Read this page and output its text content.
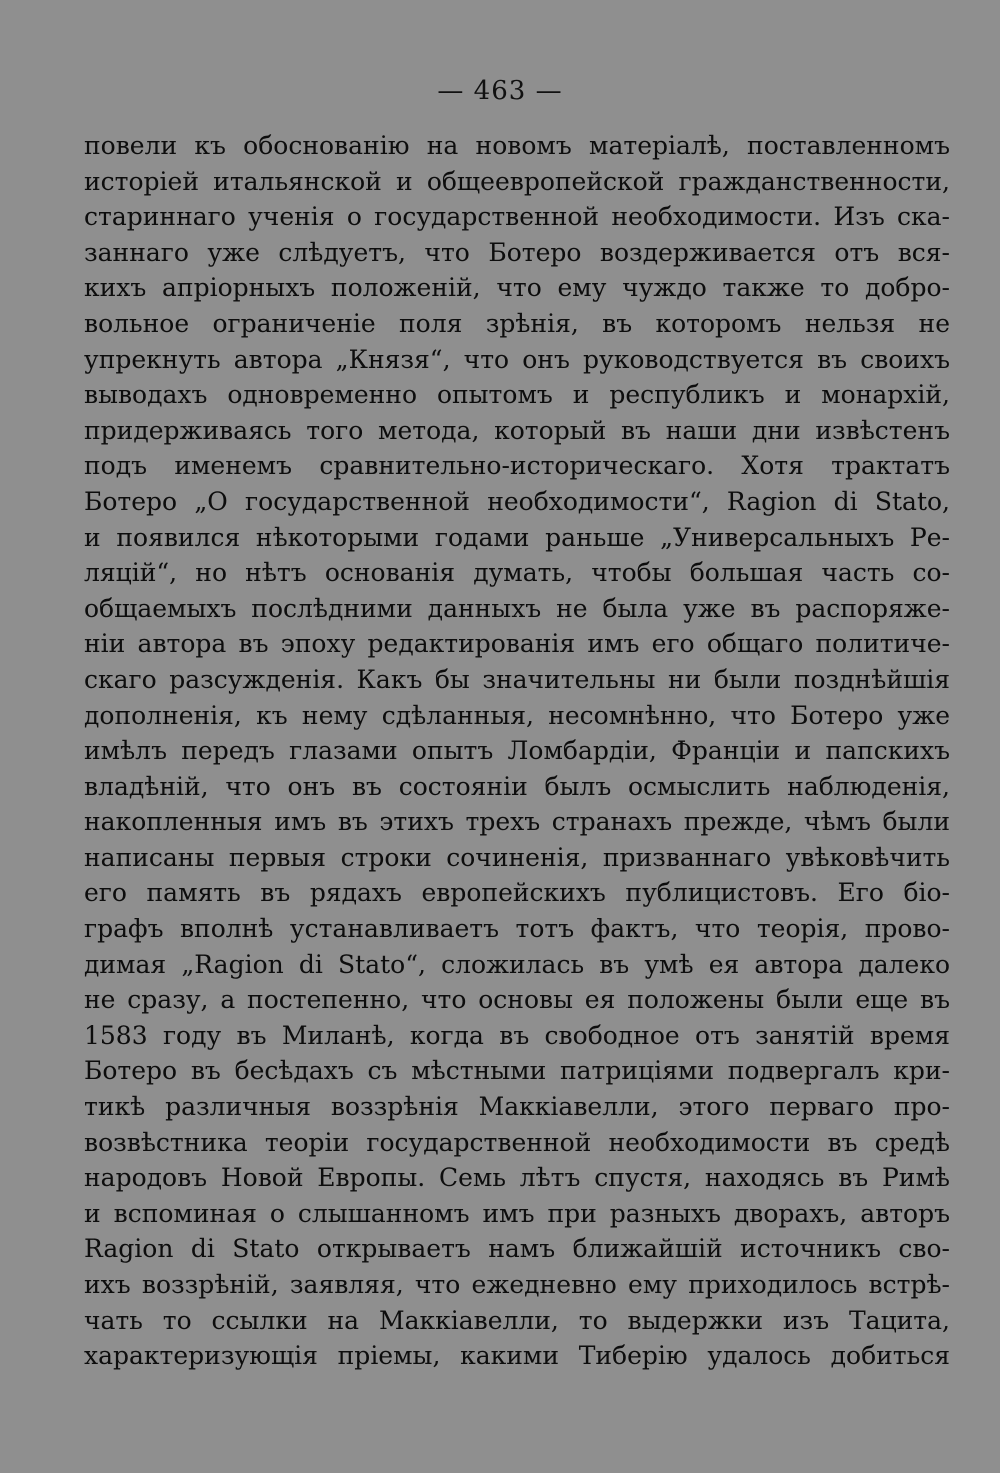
— 463 —
повели къ обоснованію на новомъ матеріалѣ, поставленномъ
исторіей итальянской и общеевропейской гражданственности,
стариннаго ученія о государственной необходимости. Изъ ска-
заннаго уже слѣдуетъ, что Ботеро воздерживается отъ вся-
кихъ апріорныхъ положеній, что ему чуждо также то добро-
вольное ограниченіе поля зрѣнія, въ которомъ нельзя не
упрекнуть автора „Князя“, что онъ руководствуется въ своихъ
выводахъ одновременно опытомъ и республикъ и монархій,
придерживаясь того метода, который въ наши дни извѣстенъ
подъ именемъ сравнительно-историческаго. Хотя трактатъ
Ботеро „О государственной необходимости“, Ragion di Stato,
и появился нѣкоторыми годами раньше „Универсальныхъ Ре-
ляцій“, но нѣтъ основанія думать, чтобы большая часть со-
общаемыхъ послѣдними данныхъ не была уже въ распоряже-
ніи автора въ эпоху редактированія имъ его общаго политиче-
скаго разсужденія. Какъ бы значительны ни были позднѣйшія
дополненія, къ нему сдѣланныя, несомнѣнно, что Ботеро уже
имѣлъ передъ глазами опытъ Ломбардіи, Франціи и папскихъ
владѣній, что онъ въ состояніи былъ осмыслить наблюденія,
накопленныя имъ въ этихъ трехъ странахъ прежде, чѣмъ были
написаны первыя строки сочиненія, призваннаго увѣковѣчить
его память въ рядахъ европейскихъ публицистовъ. Его біо-
графъ вполнѣ устанавливаетъ тотъ фактъ, что теорія, прово-
димая „Ragion di Stato“, сложилась въ умѣ ея автора далеко
не сразу, а постепенно, что основы ея положены были еще въ
1583 году въ Миланѣ, когда въ свободное отъ занятій время
Ботеро въ бесѣдахъ съ мѣстными патриціями подвергалъ кри-
тикѣ различныя воззрѣнія Маккіавелли, этого перваго про-
возвѣстника теоріи государственной необходимости въ средѣ
народовъ Новой Европы. Семь лѣтъ спустя, находясь въ Римѣ
и вспоминая о слышанномъ имъ при разныхъ дворахъ, авторъ
Ragion di Stato открываетъ намъ ближайшій источникъ сво-
ихъ воззрѣній, заявляя, что ежедневно ему приходилось встрѣ-
чать то ссылки на Маккіавелли, то выдержки изъ Тацита,
характеризующія пріемы, какими Тиберію удалось добиться
